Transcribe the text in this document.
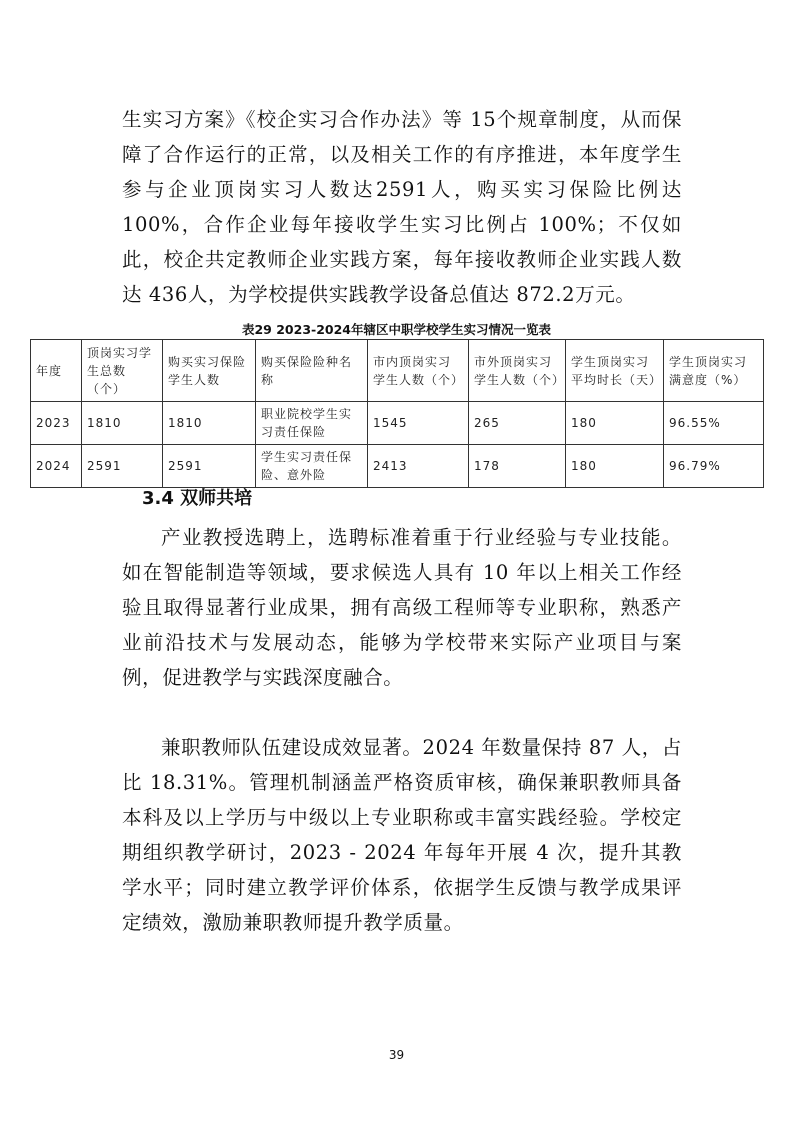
生实习方案》《校企实习合作办法》等 15个规章制度，从而保障了合作运行的正常，以及相关工作的有序推进，本年度学生参与企业顶岗实习人数达2591人，购买实习保险比例达100%，合作企业每年接收学生实习比例占 100%；不仅如此，校企共定教师企业实践方案，每年接收教师企业实践人数达 436人，为学校提供实践教学设备总值达 872.2万元。

表29 2023-2024年辖区中职学校学生实习情况一览表
年度	顶岗实习学生总数（个）	购买实习保险学生人数	购买保险险种名称	市内顶岗实习学生人数（个）	市外顶岗实习学生人数（个）	学生顶岗实习平均时长（天）	学生顶岗实习满意度（%）
2023	1810	1810	职业院校学生实习责任保险	1545	265	180	96.55%
2024	2591	2591	学生实习责任保险、意外险	2413	178	180	96.79%
3.4 双师共培

产业教授选聘上，选聘标准着重于行业经验与专业技能。如在智能制造等领域，要求候选人具有 10 年以上相关工作经验且取得显著行业成果，拥有高级工程师等专业职称，熟悉产业前沿技术与发展动态，能够为学校带来实际产业项目与案例，促进教学与实践深度融合。

兼职教师队伍建设成效显著。2024 年数量保持 87 人，占比 18.31%。管理机制涵盖严格资质审核，确保兼职教师具备本科及以上学历与中级以上专业职称或丰富实践经验。学校定期组织教学研讨，2023 - 2024 年每年开展 4 次，提升其教学水平；同时建立教学评价体系，依据学生反馈与教学成果评定绩效，激励兼职教师提升教学质量。

39
